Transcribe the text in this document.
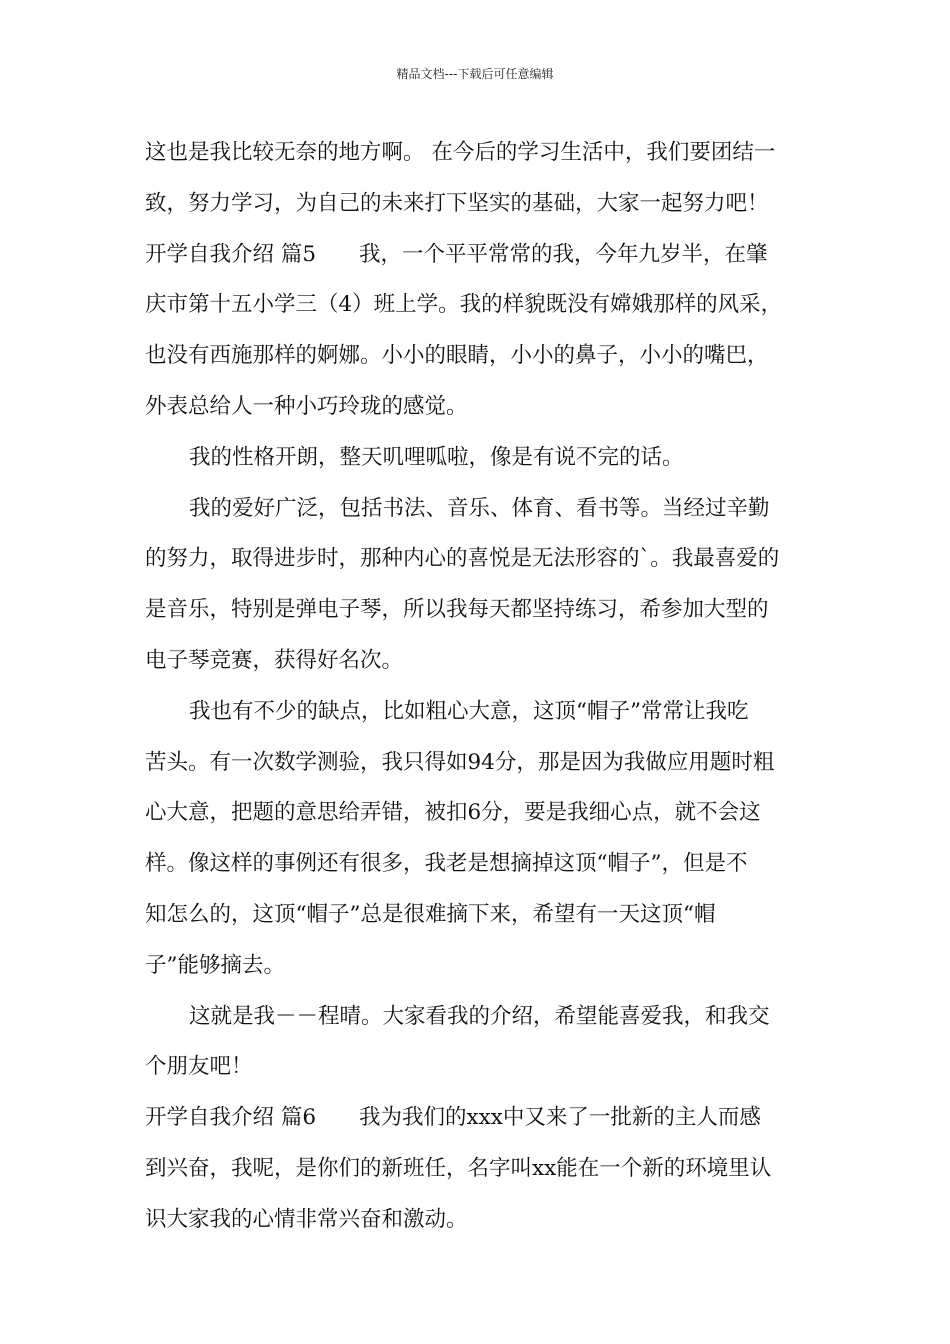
精品文档---下载后可任意编辑
这也是我比较无奈的地方啊。 在今后的学习生活中，我们要团结一
致，努力学习，为自己的未来打下坚实的基础，大家一起努力吧！
开学自我介绍 篇5　　我，一个平平常常的我，今年九岁半，在肇
庆市第十五小学三（4）班上学。我的样貌既没有嫦娥那样的风采，
也没有西施那样的婀娜。小小的眼睛，小小的鼻子，小小的嘴巴，
外表总给人一种小巧玲珑的感觉。
我的性格开朗，整天叽哩呱啦，像是有说不完的话。
我的爱好广泛，包括书法、音乐、体育、看书等。当经过辛勤
的努力，取得进步时，那种内心的喜悦是无法形容的`。我最喜爱的
是音乐，特别是弹电子琴，所以我每天都坚持练习，希参加大型的
电子琴竞赛，获得好名次。
我也有不少的缺点，比如粗心大意，这顶“帽子”常常让我吃
苦头。有一次数学测验，我只得如94分，那是因为我做应用题时粗
心大意，把题的意思给弄错，被扣6分，要是我细心点，就不会这
样。像这样的事例还有很多，我老是想摘掉这顶“帽子”，但是不
知怎么的，这顶“帽子”总是很难摘下来，希望有一天这顶“帽
子”能够摘去。
这就是我－－程晴。大家看我的介绍，希望能喜爱我，和我交
个朋友吧！
开学自我介绍 篇6　　我为我们的xxx中又来了一批新的主人而感
到兴奋，我呢，是你们的新班任，名字叫xx能在一个新的环境里认
识大家我的心情非常兴奋和激动。
